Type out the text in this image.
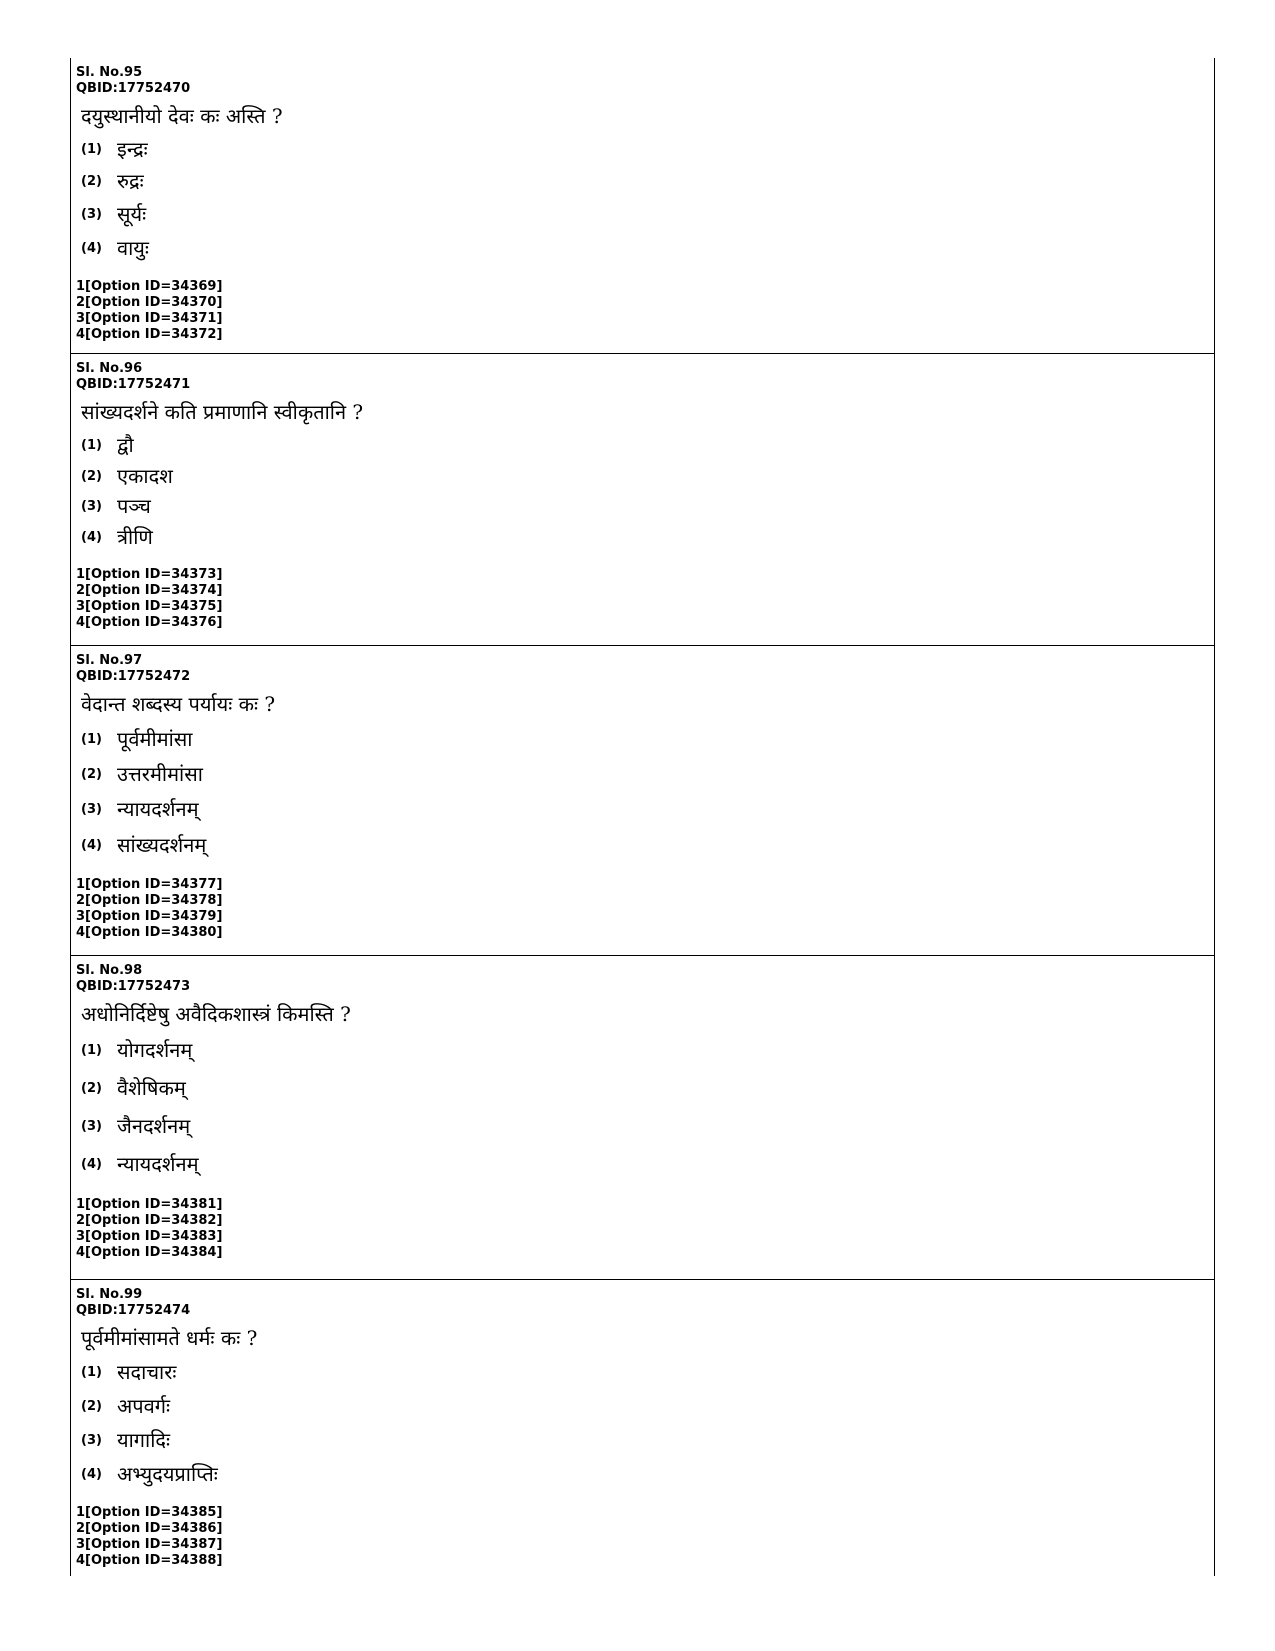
Sl. No.95
QBID:17752470
दयुस्थानीयो देवः कः अस्ति ?
(1) इन्द्रः
(2) रुद्रः
(3) सूर्यः
(4) वायुः
1[Option ID=34369]
2[Option ID=34370]
3[Option ID=34371]
4[Option ID=34372]
Sl. No.96
QBID:17752471
सांख्यदर्शने कति प्रमाणानि स्वीकृतानि ?
(1) द्वौ
(2) एकादश
(3) पञ्च
(4) त्रीणि
1[Option ID=34373]
2[Option ID=34374]
3[Option ID=34375]
4[Option ID=34376]
Sl. No.97
QBID:17752472
वेदान्त शब्दस्य पर्यायः कः ?
(1) पूर्वमीमांसा
(2) उत्तरमीमांसा
(3) न्यायदर्शनम्
(4) सांख्यदर्शनम्
1[Option ID=34377]
2[Option ID=34378]
3[Option ID=34379]
4[Option ID=34380]
Sl. No.98
QBID:17752473
अधोनिर्दिष्टेषु अवैदिकशास्त्रं किमस्ति ?
(1) योगदर्शनम्
(2) वैशेषिकम्
(3) जैनदर्शनम्
(4) न्यायदर्शनम्
1[Option ID=34381]
2[Option ID=34382]
3[Option ID=34383]
4[Option ID=34384]
Sl. No.99
QBID:17752474
पूर्वमीमांसामते धर्मः कः ?
(1) सदाचारः
(2) अपवर्गः
(3) यागादिः
(4) अभ्युदयप्राप्तिः
1[Option ID=34385]
2[Option ID=34386]
3[Option ID=34387]
4[Option ID=34388]
